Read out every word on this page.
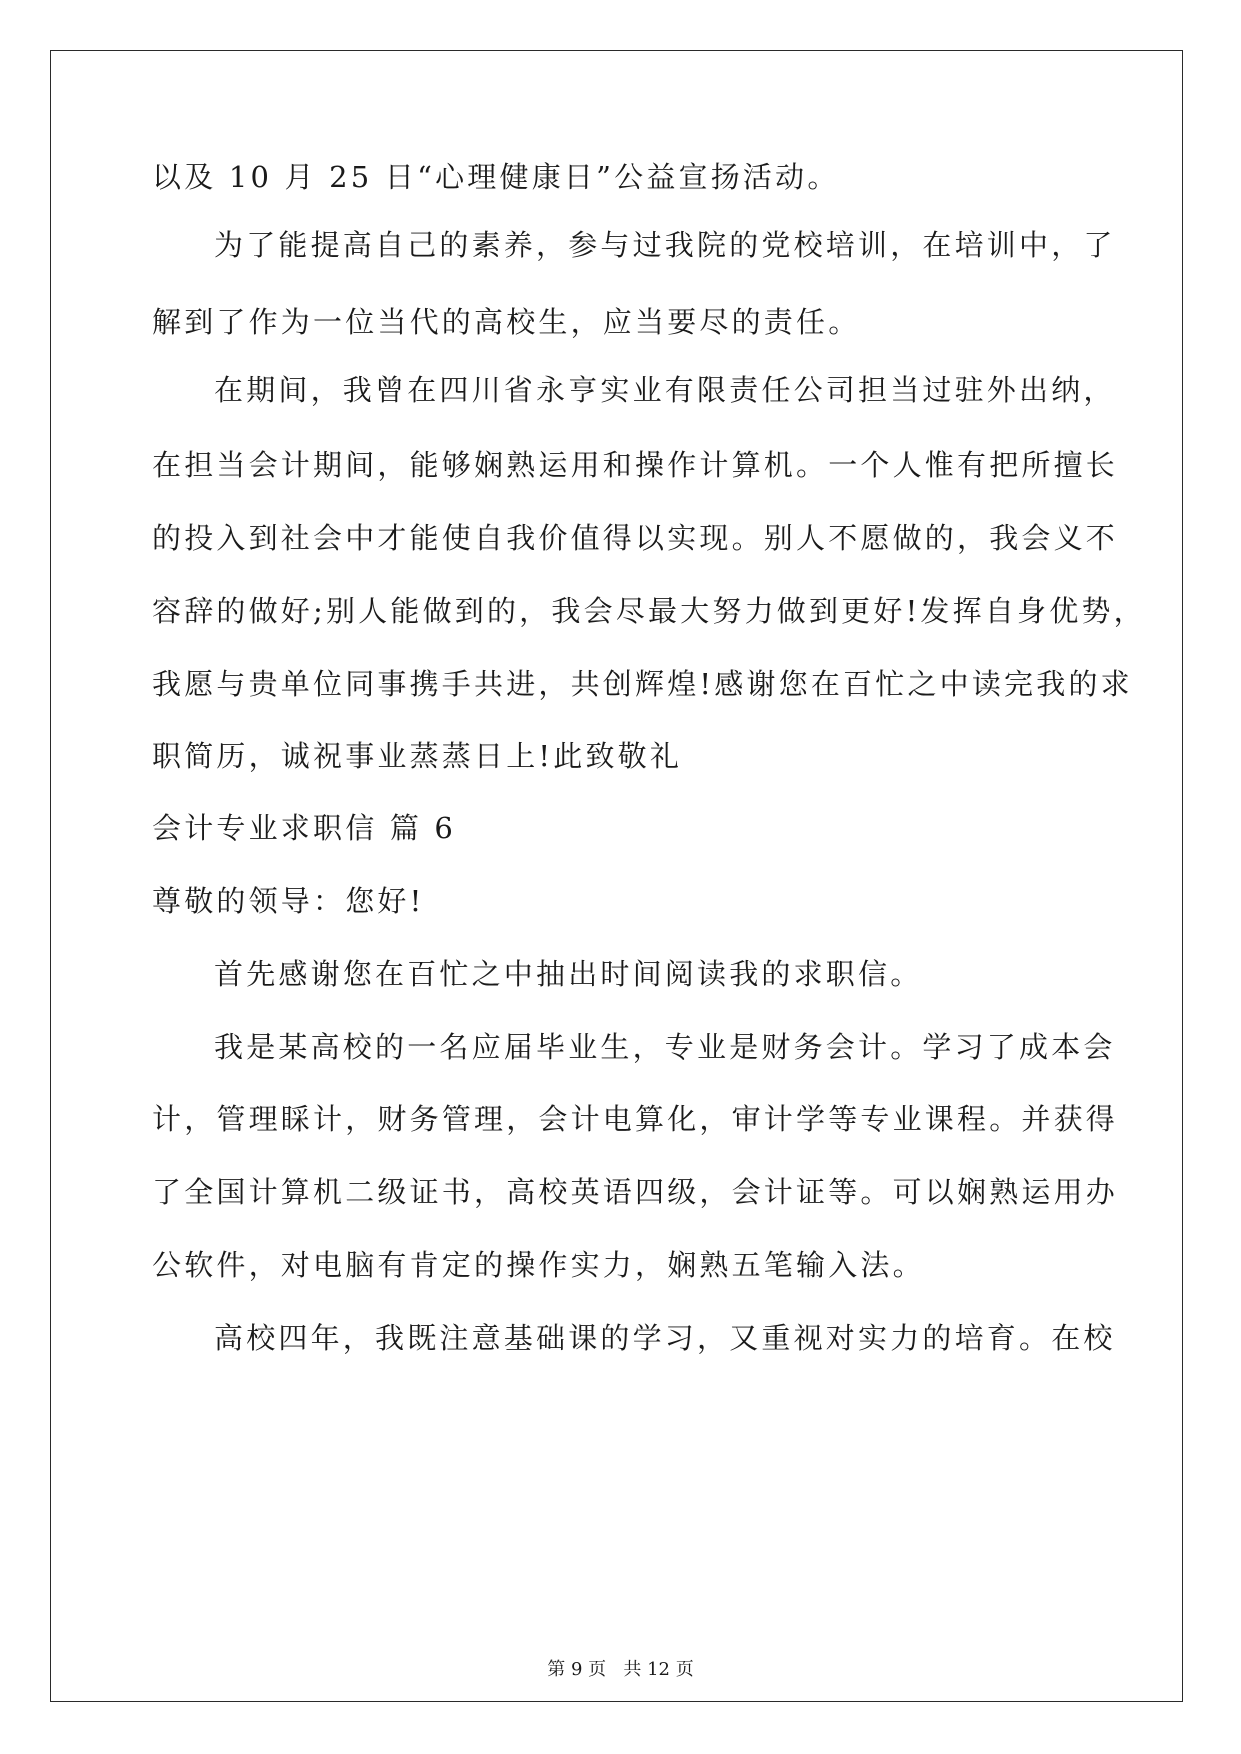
以及 10 月 25 日“心理健康日”公益宣扬活动。
为了能提高自己的素养，参与过我院的党校培训，在培训中，了
解到了作为一位当代的高校生，应当要尽的责任。
在期间，我曾在四川省永亨实业有限责任公司担当过驻外出纳，
在担当会计期间，能够娴熟运用和操作计算机。一个人惟有把所擅长
的投入到社会中才能使自我价值得以实现。别人不愿做的，我会义不
容辞的做好;别人能做到的，我会尽最大努力做到更好!发挥自身优势，
我愿与贵单位同事携手共进，共创辉煌!感谢您在百忙之中读完我的求
职简历，诚祝事业蒸蒸日上!此致敬礼
会计专业求职信 篇 6
尊敬的领导：您好!
首先感谢您在百忙之中抽出时间阅读我的求职信。
我是某高校的一名应届毕业生，专业是财务会计。学习了成本会
计，管理睬计，财务管理，会计电算化，审计学等专业课程。并获得
了全国计算机二级证书，高校英语四级，会计证等。可以娴熟运用办
公软件，对电脑有肯定的操作实力，娴熟五笔输入法。
高校四年，我既注意基础课的学习，又重视对实力的培育。在校
第 9 页   共 12 页
